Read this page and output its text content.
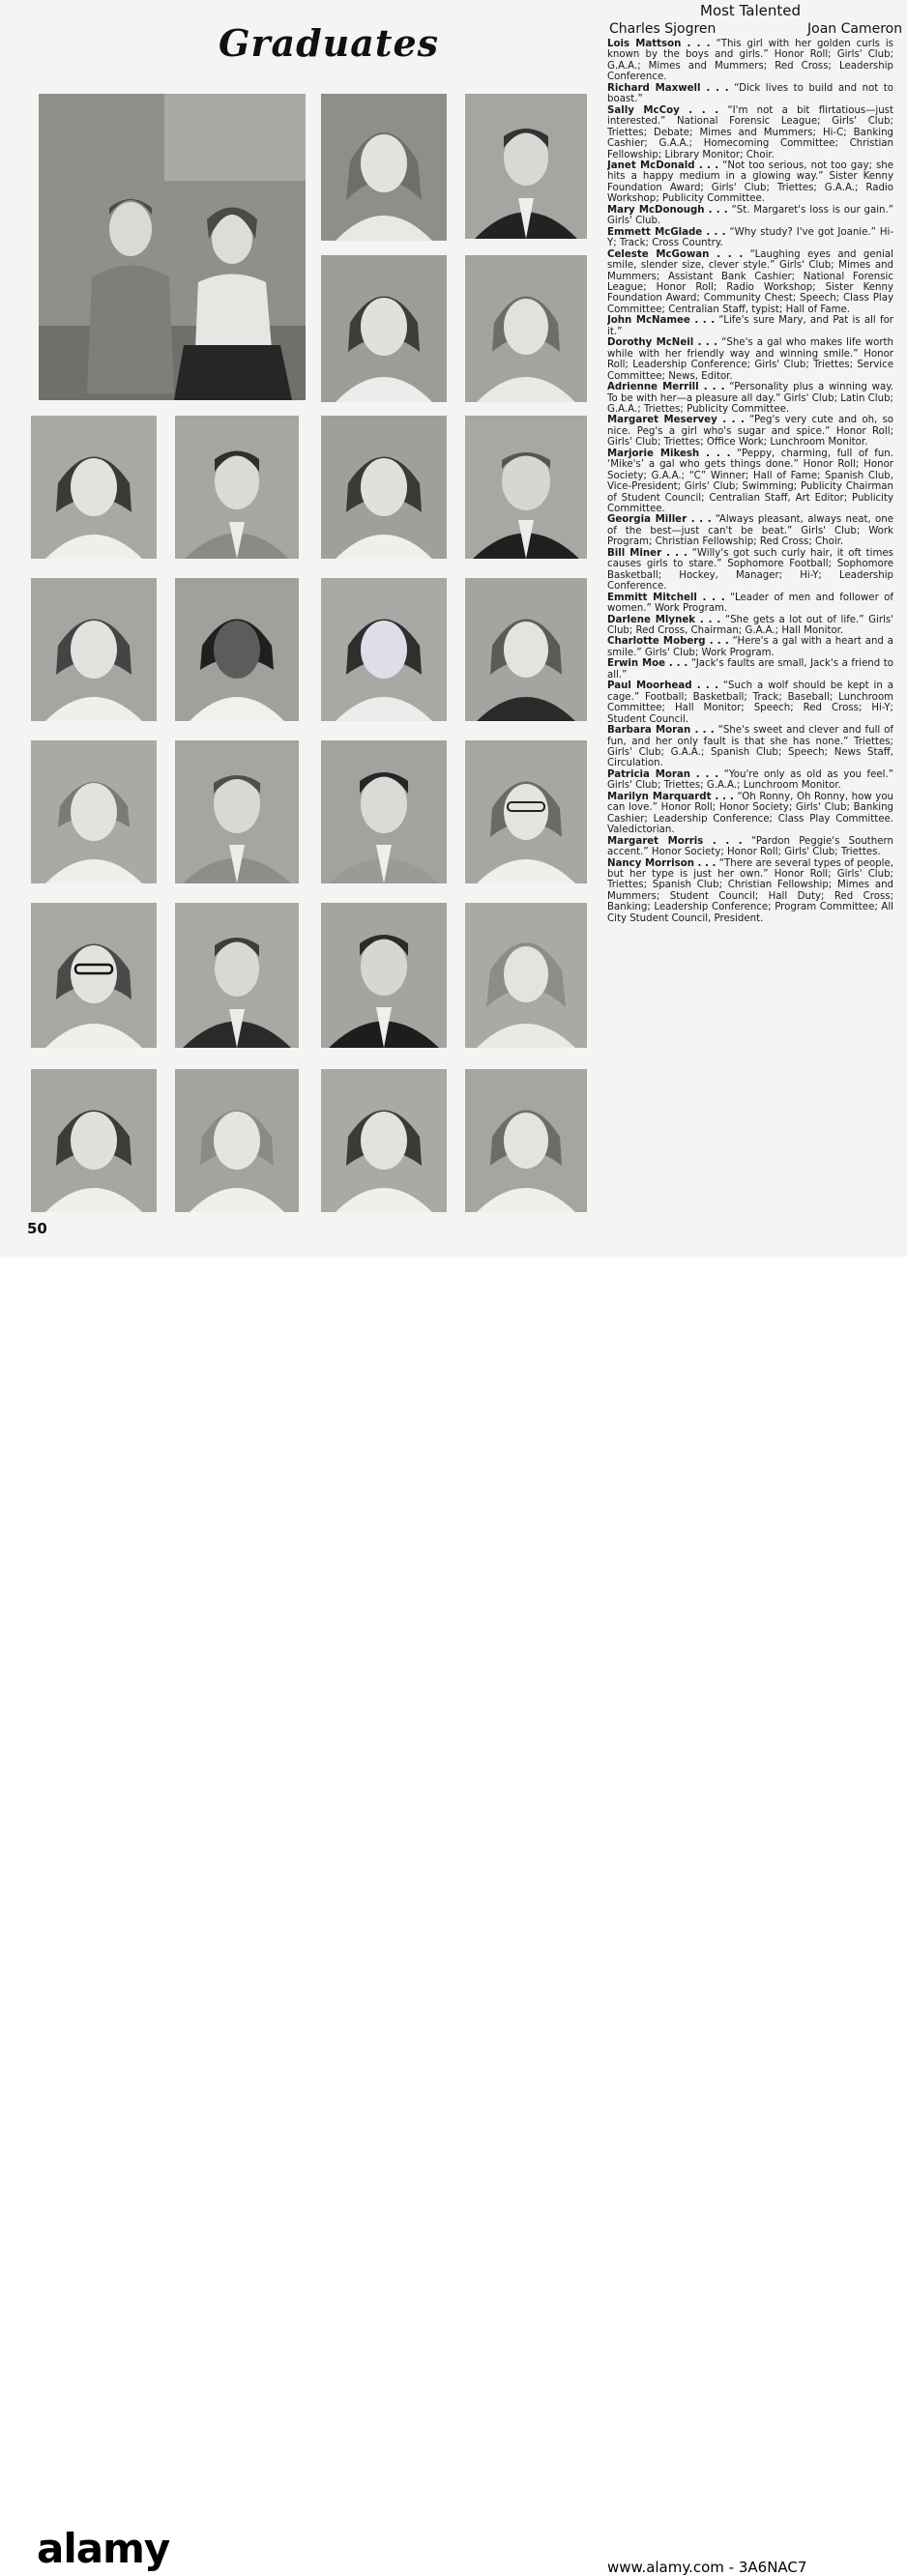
Graduates
50
Most Talented
Charles Sjogren	Joan Cameron

Lois Mattson . . . “This girl with her golden curls is known by the boys and girls.” Honor Roll; Girls' Club; G.A.A.; Mimes and Mummers; Red Cross; Leadership Conference.

Richard Maxwell . . . “Dick lives to build and not to boast.”

Sally McCoy . . . “I'm not a bit flirtatious—just interested.” National Forensic League; Girls' Club; Triettes; Debate; Mimes and Mummers; Hi-C; Banking Cashier; G.A.A.; Homecoming Committee; Christian Fellowship; Library Monitor; Choir.

Janet McDonald . . . “Not too serious, not too gay; she hits a happy medium in a glowing way.” Sister Kenny Foundation Award; Girls' Club; Triettes; G.A.A.; Radio Workshop; Publicity Committee.

Mary McDonough . . . “St. Margaret's loss is our gain.” Girls' Club.

Emmett McGlade . . . “Why study? I've got Joanie.” Hi-Y; Track; Cross Country.

Celeste McGowan . . . “Laughing eyes and genial smile, slender size, clever style.” Girls' Club; Mimes and Mummers; Assistant Bank Cashier; National Forensic League; Honor Roll; Radio Workshop; Sister Kenny Foundation Award; Community Chest; Speech; Class Play Committee; Centralian Staff, typist; Hall of Fame.

John McNamee . . . “Life's sure Mary, and Pat is all for it.”

Dorothy McNeil . . . “She's a gal who makes life worth while with her friendly way and winning smile.” Honor Roll; Leadership Conference; Girls' Club; Triettes; Service Committee; News, Editor.

Adrienne Merrill . . . “Personality plus a winning way. To be with her—a pleasure all day.” Girls' Club; Latin Club; G.A.A.; Triettes; Publicity Committee.

Margaret Meservey . . . “Peg's very cute and oh, so nice. Peg's a girl who's sugar and spice.” Honor Roll; Girls' Club; Triettes; Office Work; Lunchroom Monitor.

Marjorie Mikesh . . . “Peppy, charming, full of fun. ‘Mike's’ a gal who gets things done.” Honor Roll; Honor Society; G.A.A.; “C” Winner; Hall of Fame; Spanish Club, Vice-President; Girls' Club; Swimming; Publicity Chairman of Student Council; Centralian Staff, Art Editor; Publicity Committee.

Georgia Miller . . . “Always pleasant, always neat, one of the best—just can't be beat.” Girls' Club; Work Program; Christian Fellowship; Red Cross; Choir.

Bill Miner . . . “Willy's got such curly hair, it oft times causes girls to stare.” Sophomore Football; Sophomore Basketball; Hockey, Manager; Hi-Y; Leadership Conference.

Emmitt Mitchell . . . “Leader of men and follower of women.” Work Program.

Darlene Mlynek . . . “She gets a lot out of life.” Girls' Club; Red Cross, Chairman; G.A.A.; Hall Monitor.

Charlotte Moberg . . . “Here's a gal with a heart and a smile.” Girls' Club; Work Program.

Erwin Moe . . . “Jack's faults are small, Jack's a friend to all.”

Paul Moorhead . . . “Such a wolf should be kept in a cage.” Football; Basketball; Track; Baseball; Lunchroom Committee; Hall Monitor; Speech; Red Cross; Hi-Y; Student Council.

Barbara Moran . . . “She's sweet and clever and full of fun, and her only fault is that she has none.” Triettes; Girls' Club; G.A.A.; Spanish Club; Speech; News Staff, Circulation.

Patricia Moran . . . “You're only as old as you feel.” Girls' Club; Triettes; G.A.A.; Lunchroom Monitor.

Marilyn Marquardt . . . “Oh Ronny, Oh Ronny, how you can love.” Honor Roll; Honor Society; Girls' Club; Banking Cashier; Leadership Conference; Class Play Committee. Valedictorian.

Margaret Morris . . . “Pardon Peggie's Southern accent.” Honor Society; Honor Roll; Girls' Club; Triettes.

Nancy Morrison . . . “There are several types of people, but her type is just her own.” Honor Roll; Girls' Club; Triettes; Spanish Club; Christian Fellowship; Mimes and Mummers; Student Council; Hall Duty; Red Cross; Banking; Leadership Conference; Program Committee; All City Student Council, President.

alamy	www.alamy.com - 3A6NAC7
